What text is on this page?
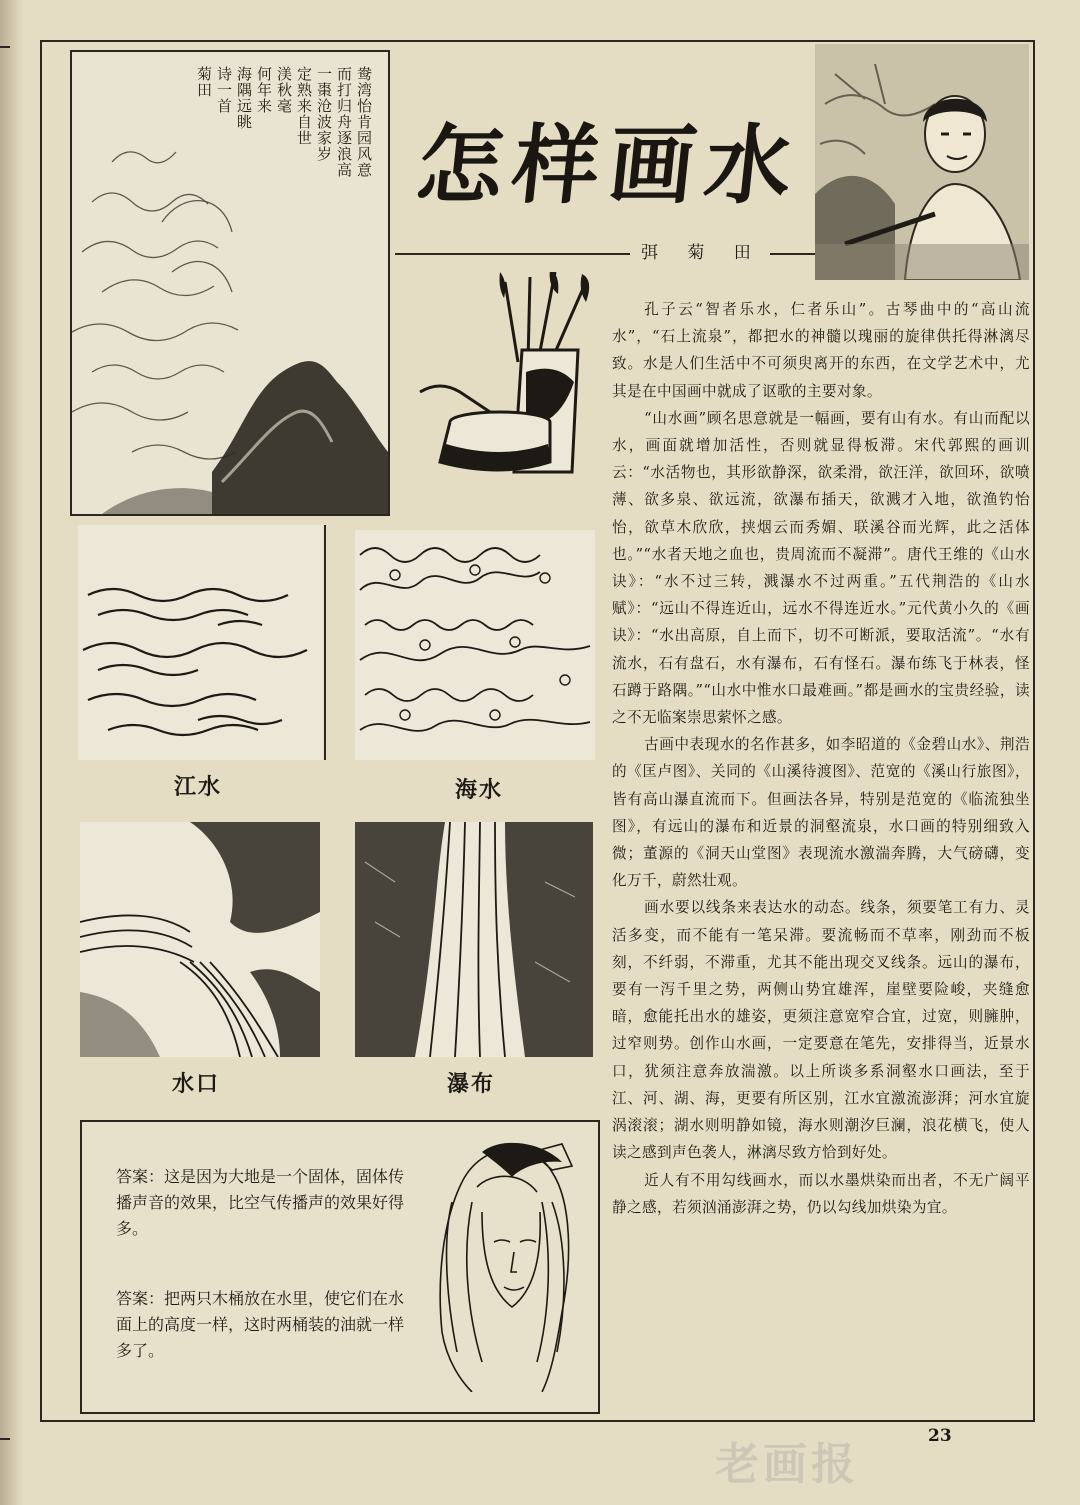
鸯湾怡肯园风意
而打归舟逐浪高
一棗沧波家岁
定熟来自世
渼秋毫
何年来
海隅远眺
诗一首
菊田
怎样画水
弭 菊 田

孔子云“智者乐水，仁者乐山”。古琴曲中的“高山流水”，“石上流泉”，都把水的神髓以瑰丽的旋律供托得淋漓尽致。水是人们生活中不可须臾离开的东西，在文学艺术中，尤其是在中国画中就成了讴歌的主要对象。

“山水画”顾名思意就是一幅画，要有山有水。有山而配以水，画面就增加活性，否则就显得板滞。宋代郭熙的画训云：“水活物也，其形欲静深，欲柔滑，欲汪洋，欲回环，欲喷薄、欲多泉、欲远流，欲瀑布插天，欲溅才入地，欲渔钓怡怡，欲草木欣欣，挟烟云而秀媚、联溪谷而光辉，此之活体也。”“水者天地之血也，贵周流而不凝滞”。唐代王维的《山水诀》：“水不过三转，溅瀑水不过两重。”五代荆浩的《山水赋》：“远山不得连近山，远水不得连近水。”元代黄小久的《画诀》：“水出高原，自上而下，切不可断派，要取活流”。“水有流水，石有盘石，水有瀑布，石有怪石。瀑布练飞于林表，怪石蹲于路隅。”“山水中惟水口最难画。”都是画水的宝贵经验，读之不无临案崇思萦怀之感。

古画中表现水的名作甚多，如李昭道的《金碧山水》、荆浩的《匡卢图》、关同的《山溪待渡图》、范宽的《溪山行旅图》，皆有高山瀑直流而下。但画法各异，特别是范宽的《临流独坐图》，有远山的瀑布和近景的洞壑流泉，水口画的特别细致入微；董源的《洞天山堂图》表现流水激湍奔腾，大气磅礴，变化万千，蔚然壮观。

画水要以线条来表达水的动态。线条，须要笔工有力、灵活多变，而不能有一笔呆滞。要流畅而不草率，刚劲而不板刻，不纤弱，不滞重，尤其不能出现交叉线条。远山的瀑布，要有一泻千里之势，两侧山势宜雄浑，崖壁要险峻，夹缝愈暗，愈能托出水的雄姿，更须注意宽窄合宜，过宽，则臃肿，过窄则势。创作山水画，一定要意在笔先，安排得当，近景水口，犹须注意奔放湍激。以上所谈多系洞壑水口画法，至于江、河、湖、海，更要有所区别，江水宜激流澎湃；河水宜旋涡滚滚；湖水则明静如镜，海水则潮汐巨澜，浪花横飞，使人读之感到声色袭人，淋漓尽致方恰到好处。

近人有不用勾线画水，而以水墨烘染而出者，不无广阔平静之感，若须汹涌澎湃之势，仍以勾线加烘染为宜。

江水	海水
水口	瀑布
答案：这是因为大地是一个固体，固体传播声音的效果，比空气传播声的效果好得多。
答案：把两只木桶放在水里，使它们在水面上的高度一样，这时两桶装的油就一样多了。
老画报
23
